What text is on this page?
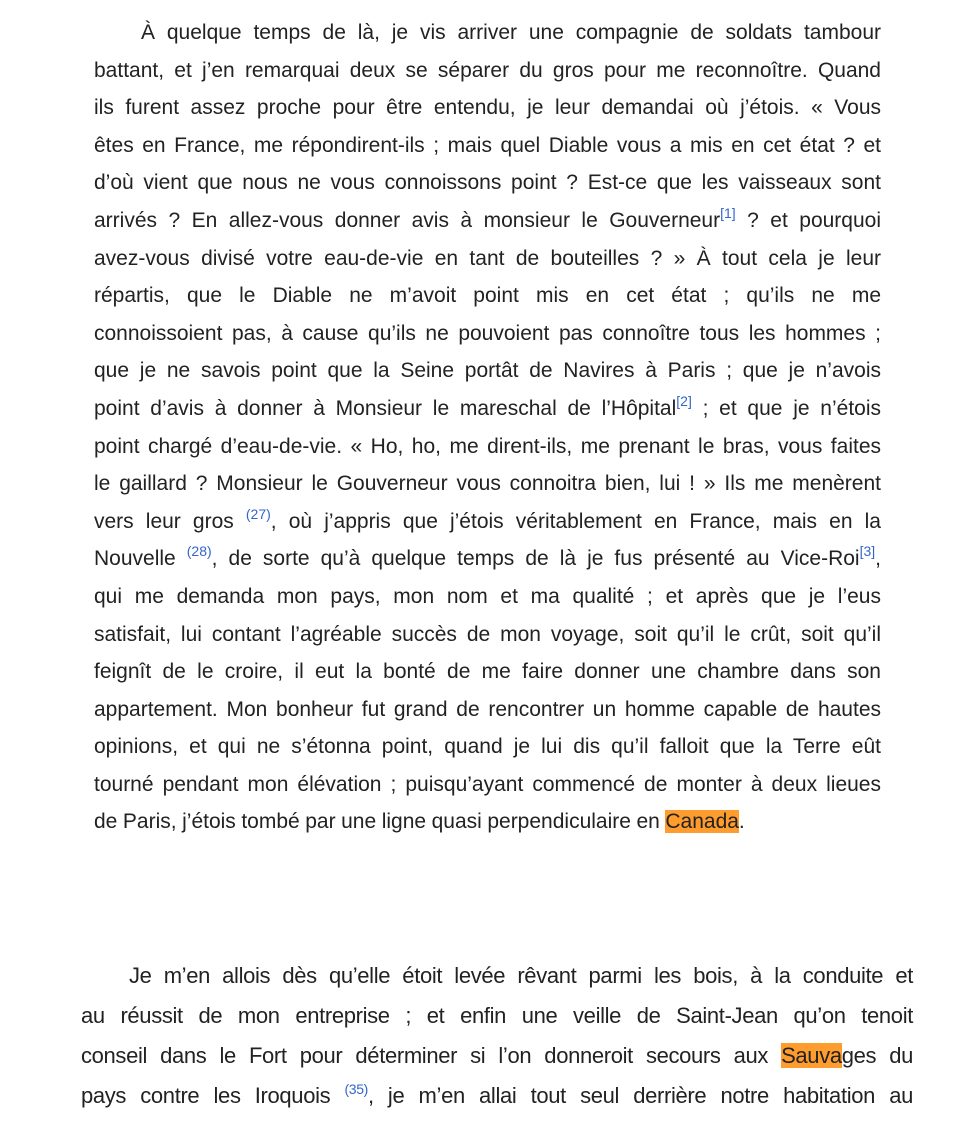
À quelque temps de là, je vis arriver une compagnie de soldats tambour
battant, et j’en remarquai deux se séparer du gros pour me reconnoître. Quand
ils furent assez proche pour être entendu, je leur demandai où j’étois. « Vous
êtes en France, me répondirent-ils ; mais quel Diable vous a mis en cet état ? et
d’où vient que nous ne vous connoissons point ? Est-ce que les vaisseaux sont
arrivés ? En allez-vous donner avis à monsieur le Gouverneur[1] ? et pourquoi
avez-vous divisé votre eau-de-vie en tant de bouteilles ? » À tout cela je leur
répartis, que le Diable ne m’avoit point mis en cet état ; qu’ils ne me
connoissoient pas, à cause qu’ils ne pouvoient pas connoître tous les hommes ;
que je ne savois point que la Seine portât de Navires à Paris ; que je n’avois
point d’avis à donner à Monsieur le mareschal de l’Hôpital[2] ; et que je n’étois
point chargé d’eau-de-vie. « Ho, ho, me dirent-ils, me prenant le bras, vous faites
le gaillard ? Monsieur le Gouverneur vous connoitra bien, lui ! » Ils me menèrent
vers leur gros $^{(27)}$, où j’appris que j’étois véritablement en France, mais en la
Nouvelle $^{(28)}$, de sorte qu’à quelque temps de là je fus présenté au Vice-Roi[3],
qui me demanda mon pays, mon nom et ma qualité ; et après que je l’eus
satisfait, lui contant l’agréable succès de mon voyage, soit qu’il le crût, soit qu’il
feignît de le croire, il eut la bonté de me faire donner une chambre dans son
appartement. Mon bonheur fut grand de rencontrer un homme capable de hautes
opinions, et qui ne s’étonna point, quand je lui dis qu’il falloit que la Terre eût
tourné pendant mon élévation ; puisqu’ayant commencé de monter à deux lieues
de Paris, j’étois tombé par une ligne quasi perpendiculaire en Canada.
Je m’en allois dès qu’elle étoit levée rêvant parmi les bois, à la conduite et
au réussit de mon entreprise ; et enfin une veille de Saint-Jean qu’on tenoit
conseil dans le Fort pour déterminer si l’on donneroit secours aux Sauvages du
pays contre les Iroquois $^{(35)}$, je m’en allai tout seul derrière notre habitation au
